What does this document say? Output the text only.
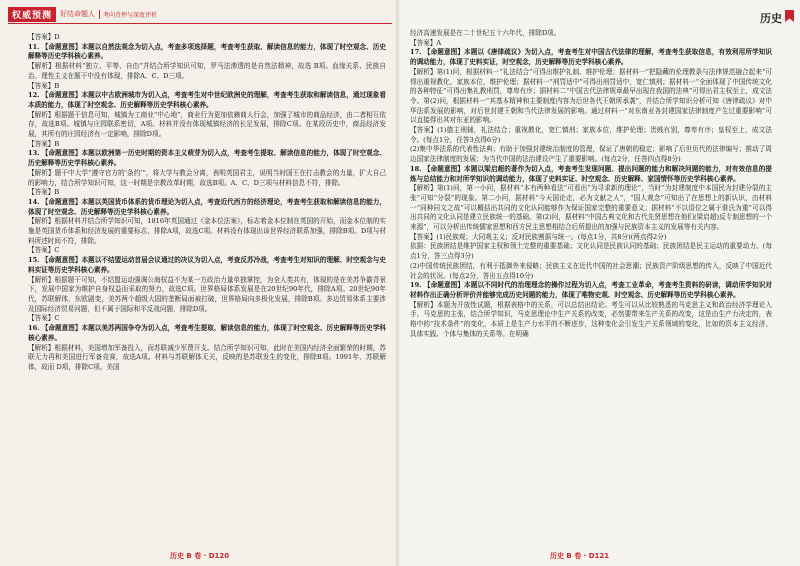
权威预测	好结命题人	考向背押与深度评析

【答案】D

11. 【命题意图】本题以自然法观念为切入点，考查多项选择题，考查考生获取、解读信息的能力，体现了时空观念、历史解释等历史学科核心素养。

【解析】根据材料“独立、平等、自由”并结合所学知识可知，罗马法渗透的是自然法精神，故选 B项。血缘关系、民族自治、理性主义在题干中没有体现，排除A、C、D三项。

【答案】B

12. 【命题意图】本题以中古欧洲城市为切入点，考查考生对中世纪欧洲史的理解，考查考生获取和解读信息，通过现象看本质的能力，体现了时空观念、历史解释等历史学科核心素养。

【解析】根据题干信息可知，城镇为工商业“中心地”，商业行为更加依赖商人行会，加强了城市的商品经济，由二者相互依存，故选B项。城镇与庄园联系密切，A项。材料并没有体现城镇经济的长足发展，排除C项。在某段历史中，商品经济发展，其所有的庄园经济有一定影响，排除D项。

【答案】B

13. 【命题意图】本题以欧洲第一历史时期的资本主义萌芽为切入点，考查考生提取、解读信息的能力，体现了时空观念、历史解释等历史学科核心素养。

【解析】题干中大学“遵守官方的‘条约’”，将大学与教会分离，表明英国君主，说明当时国王在打击教会的力量，扩大自己的影响力，结合所学知识可知，这一时期是宗教改革时期，故选B项。A、C、D三项与材料信息不符，排除。

【答案】B

14. 【命题意图】本题以英国货币体系的货币理论为切入点，考查近代西方的经济理论，考查考生获取和解读信息的能力，体现了时空观念、历史解释等历史学科核心素养。

【解析】根据材料并结合所学知识可知，1816年英国通过《金本位法案》，标志着金本位制在英国的开始，而金本位制的实施是英国货币体系和经济发展的重要标志，排除A项，故选C项。材料没有体现出该世界经济联系加强，排除B项。D项与材料所述时间不符，排除。

【答案】C

15. 【命题意图】本题以不结盟运动首届会议通过的决议为切入点，考查反苏冷战，考查考生对知识的理解、时空观念与史料实证等历史学科核心素养。

【解析】根据题干可知，不结盟运动强调公海权益不为某一方政治力量单独掌控，为全人类共有，体现的是在美苏争霸背景下，发展中国家为维护自身权益而采取的努力，故选C项。世界格局体系发展是在20世纪90年代，排除A项。20世纪90年代，苏联解体，东欧剧变，美苏两个超级大国的垄断局面被打破，世界格局向多极化发展，排除B项。多边贸易体系主要涉及国际经济贸易问题，但不属于国际和平反战问题，排除D项。

【答案】C

16. 【命题意图】本题以美苏两国争夺为切入点，考查考生提取、解读信息的能力，体现了时空观念、历史解释等历史学科核心素养。

【解析】根据材料，美国增加军备投入，而苏联减少军费开支。结合所学知识可知，此时在美国内经济全面繁荣的时期，苏联无力再和美国进行军备竞赛，故选A项。材料与苏联解体无关，反映的是苏联发生的变化，排除B项。1991年，苏联解体，故而 D项，排除C项。美国

历史 B 卷 · D120
历史

经济高速发展是在二十世纪五十六年代，排除D项。

【答案】A

17. 【命题意图】本题以《唐律疏议》为切入点，考查考生对中国古代法律的理解，考查考生获取信息，有效利用所学知识的调动能力，体现了史料实证，时空观念，历史解释等历史学科核心素养。

【解析】第(1)问，根据材料一“礼法结合”可得出维护礼制、维护伦理；据材料一“把隐藏的伦理教条与法律规范融合起来”可得出重视教化，家族本位，维护伦理；据材料一“刑罚适中”可得出刑罚适中，宽仁慎刑；据材料一“全面体现了中国传统文化的各种特征”可得出集礼教刑罚，尊卑有序；据材料二“中国古代法律规章最早出现在我国的法典”可得出君主权至上，成文法令。第(2)问，根据材料一“其基本精神和主要制度内容为后世各代王朝所承袭”，并结合所学知识分析可知《唐律疏议》对中华法系发展的影响，对后世封建王朝和当代法律发展的影响。通过材料一“对东南亚各封建国家法律制度产生过重要影响”可以直接得出其对东亚的影响。

【答案】(1)德主刑辅，礼法结合；重视教化，宽仁慎刑；家族本位，维护伦理；贵贱有别，尊卑有序；皇权至上，成文法令。(每点1分，任答3点得6分)

(2)集中华法系的代表性法典；有助于加强封建统治制度的管理，保证了唐朝的稳定；影响了后世历代的法律编写；推动了周边国家法律制度的发展；为当代中国的法治建设产生了重要影响。(每点2分，任答四点得8分)

18. 【命题意图】本题以梁启超的著作为切入点，考查考生发现问题、提出问题的能力和解决问题的能力，对有效信息的提炼与总结能力和对所学知识的调动能力，体现了史料实证、时空观念、历史解释、家国情怀等历史学科核心素养。

【解析】第(1)问，第一小问，据材料“本有两种看法”可看出“为寻求新的理论”，当时“为封建制度中本国民为封建分裂的主张”可知“分裂”的现象。第二小问，据材料“今天国论走，必为文献之人”，“国人观念”可知出了在思想上的新认识，由材料一“同种同文之故”可以概括出共同的文化认同能够作为保证国家完整的重要意义；据材料“不以语位之属于谁氏为重”可以得出共同的文化认同是建立民族统一的基础。第(2)问，据材料“中国古典文化和古代先贤思想在他们(梁启超)反专制思想的一个来源”，可以分析出传统儒家思想和西方民主思想相结合后所提出的加强与民族资本主义的发展等有关内容。

【答案】(1)民族观；大同观主义；反对民族割据与统一。(每点1分，共8分)(两点得2分)

依据：民族团结是维护国家主权和领土完整的重要基础；文化认同是民族认同的基础；民族团结是民主运动的重要动力。(每点1分，答三点得3分)

(2)中国传统民族团结，有利于抵御外来侵略；民族主义在近代中国的社会思潮；民族资产阶级思想的传入，反映了中国近代社会的状况。(每点2分，答出五点得10分)

19. 【命题意图】本题以不同时代的治理理念的操作过程为切入点，考查工业革命，考查考生资料的研读，调动所学知识对材料作出正确分析评价并能够完成历史问题的能力，体现了唯物史观、时空观念、历史解释等历史学科核心素养。

【解析】本题为开放性试题，根据表格中的关系，可以总结出结论。考生可以从比较熟悉的马克思主义和政治经济学理论入手，马克思的主张，结合所学知识，马克思理论中生产关系的改变，必然要带来生产关系的改变，这是由生产力决定的，表格中的“技术条件”的变化，本质上是生产力水平的不断进步，这种变化会引发生产关系领域的变化，比如的资本主义经济、具体实践、个体与集体的关系等。在明确

历史 B 卷 · D121
